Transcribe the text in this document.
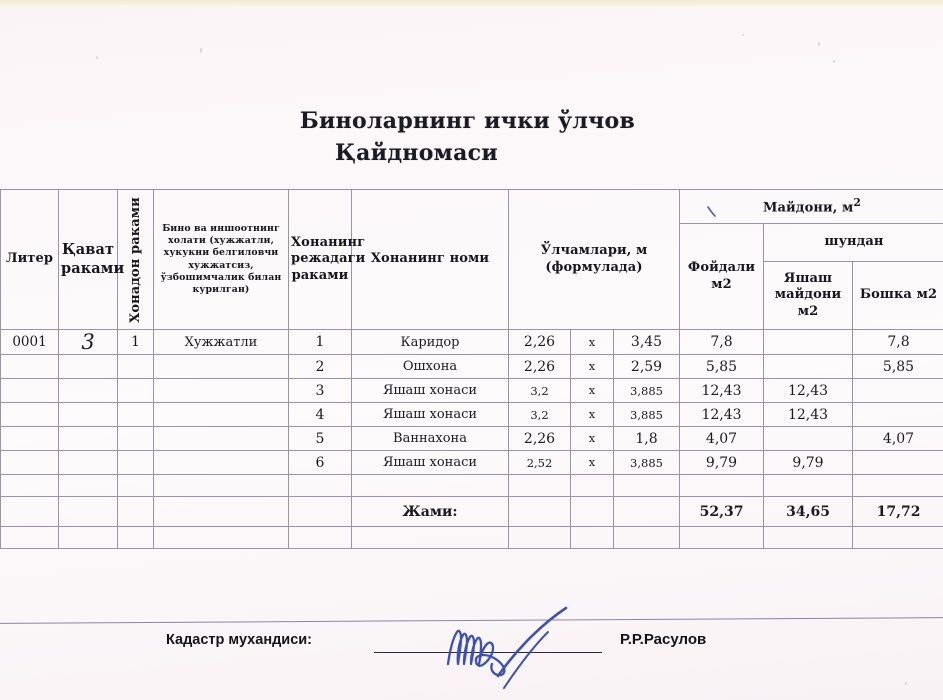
Биноларнинг ички ўлчов
Қайдномаси
Литер	Қават раками	Хонадон раками	Бино ва иншоотнинг холати (хужжатли, хукукни белгиловчи хужжатсиз, ўзбошимчалик билан курилган)	Хонанинг режадаги раками	Хонанинг номи	Ўлчамлари, м (формулада)			Майдони, $м^2$
									Фойдали м2	шундан	
										Яшаш майдони м2	Бошка м2
0001	3	1	Хужжатли	1	Каридор	2,26	x	3,45	7,8		7,8
				2	Ошхона	2,26	x	2,59	5,85		5,85
				3	Яшаш хонаси	3,2	x	3,885	12,43	12,43	
				4	Яшаш хонаси	3,2	x	3,885	12,43	12,43	
				5	Ваннахона	2,26	x	1,8	4,07		4,07
				6	Яшаш хонаси	2,52	x	3,885	9,79	9,79	

					Жами:				52,37	34,65	17,72

Кадастр мухандиси:	Р.Р.Расулов
